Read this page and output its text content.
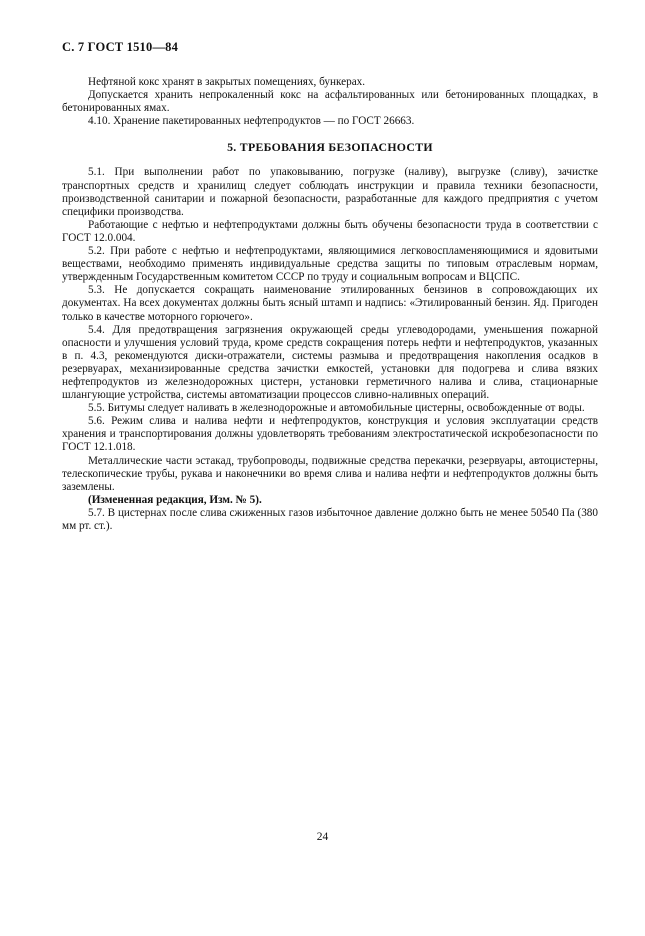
С. 7 ГОСТ 1510—84

Нефтяной кокс хранят в закрытых помещениях, бункерах.

Допускается хранить непрокаленный кокс на асфальтированных или бетонированных площадках, в бетонированных ямах.

4.10. Хранение пакетированных нефтепродуктов — по ГОСТ 26663.

5. ТРЕБОВАНИЯ БЕЗОПАСНОСТИ

5.1. При выполнении работ по упаковыванию, погрузке (наливу), выгрузке (сливу), зачистке транспортных средств и хранилищ следует соблюдать инструкции и правила техники безопасности, производственной санитарии и пожарной безопасности, разработанные для каждого предприятия с учетом специфики производства.

Работающие с нефтью и нефтепродуктами должны быть обучены безопасности труда в соответствии с ГОСТ 12.0.004.

5.2. При работе с нефтью и нефтепродуктами, являющимися легковоспламеняющимися и ядовитыми веществами, необходимо применять индивидуальные средства защиты по типовым отраслевым нормам, утвержденным Государственным комитетом СССР по труду и социальным вопросам и ВЦСПС.

5.3. Не допускается сокращать наименование этилированных бензинов в сопровождающих их документах. На всех документах должны быть ясный штамп и надпись: «Этилированный бензин. Яд. Пригоден только в качестве моторного горючего».

5.4. Для предотвращения загрязнения окружающей среды углеводородами, уменьшения пожарной опасности и улучшения условий труда, кроме средств сокращения потерь нефти и нефтепродуктов, указанных в п. 4.3, рекомендуются диски-отражатели, системы размыва и предотвращения накопления осадков в резервуарах, механизированные средства зачистки емкостей, установки для подогрева и слива вязких нефтепродуктов из железнодорожных цистерн, установки герметичного налива и слива, стационарные шлангующие устройства, системы автоматизации процессов сливно-наливных операций.

5.5. Битумы следует наливать в железнодорожные и автомобильные цистерны, освобожденные от воды.

5.6. Режим слива и налива нефти и нефтепродуктов, конструкция и условия эксплуатации средств хранения и транспортирования должны удовлетворять требованиям электростатической искробезопасности по ГОСТ 12.1.018.

Металлические части эстакад, трубопроводы, подвижные средства перекачки, резервуары, автоцистерны, телескопические трубы, рукава и наконечники во время слива и налива нефти и нефтепродуктов должны быть заземлены.

(Измененная редакция, Изм. № 5).

5.7. В цистернах после слива сжиженных газов избыточное давление должно быть не менее 50540 Па (380 мм рт. ст.).

24
